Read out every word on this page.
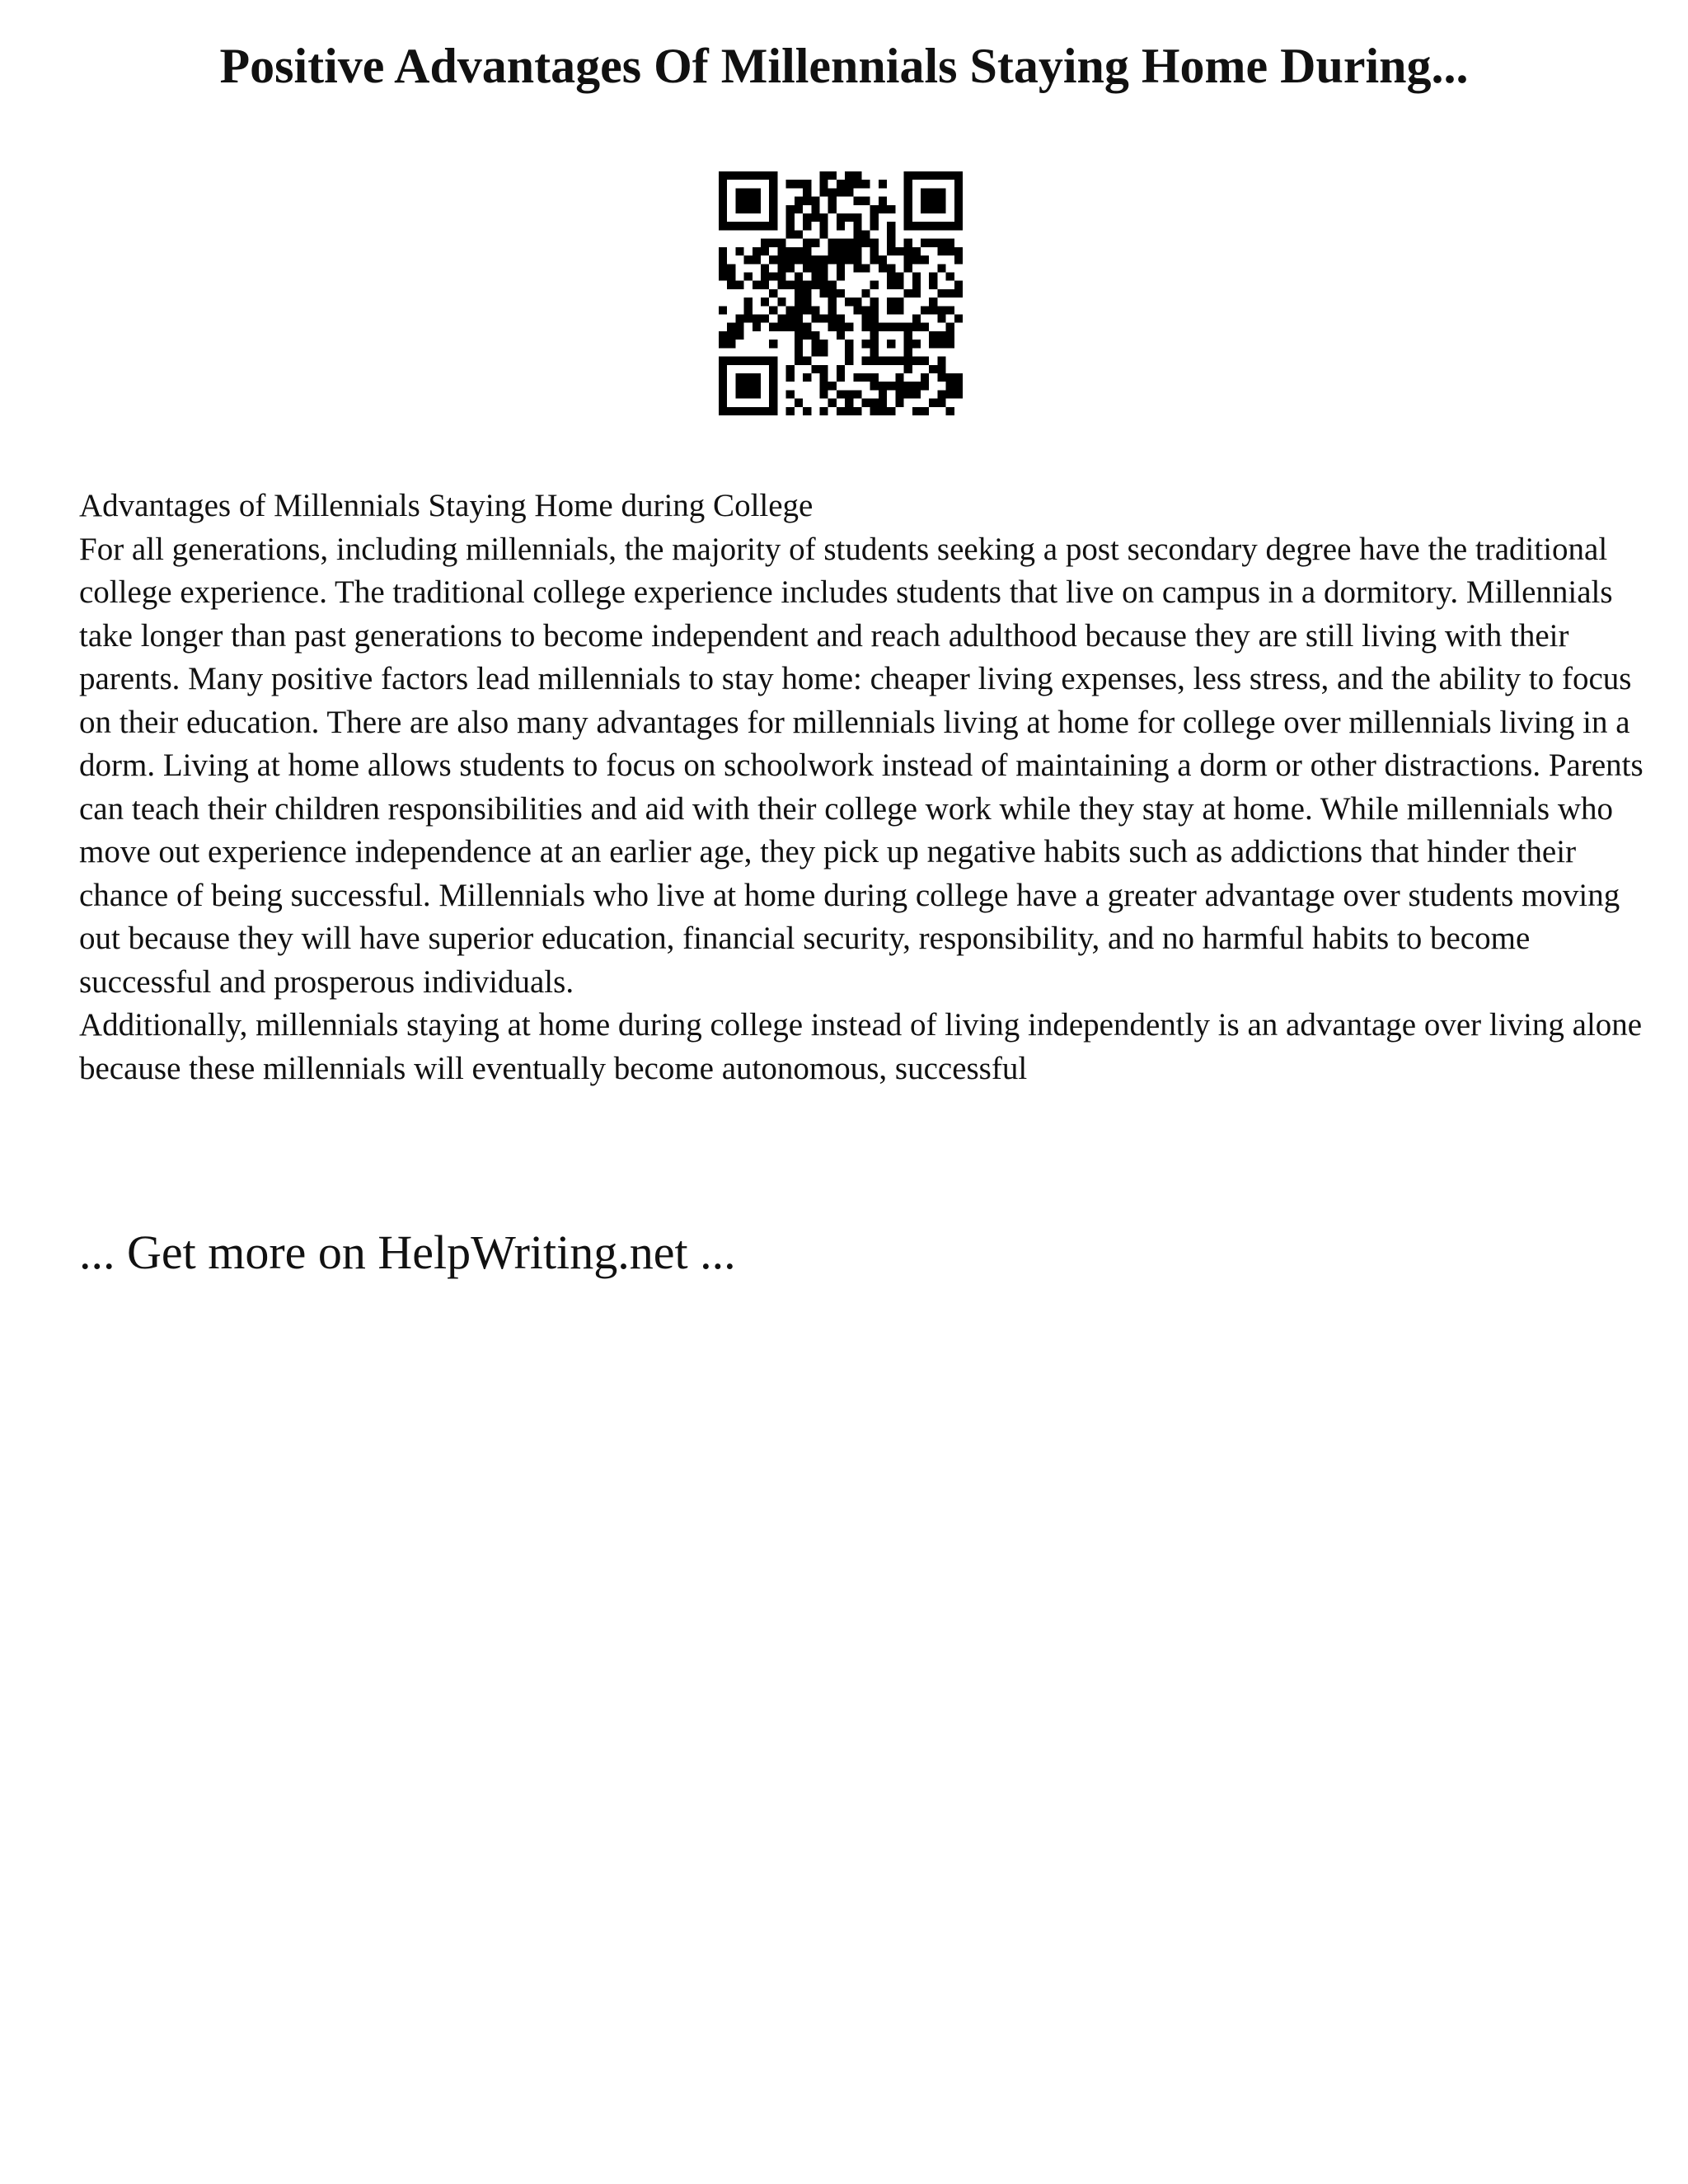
Positive Advantages Of Millennials Staying Home During...

Advantages of Millennials Staying Home during College

For all generations, including millennials, the majority of students seeking a post secondary degree have the traditional college experience. The traditional college experience includes students that live on campus in a dormitory. Millennials take longer than past generations to become independent and reach adulthood because they are still living with their parents. Many positive factors lead millennials to stay home: cheaper living expenses, less stress, and the ability to focus on their education. There are also many advantages for millennials living at home for college over millennials living in a dorm. Living at home allows students to focus on schoolwork instead of maintaining a dorm or other distractions. Parents can teach their children responsibilities and aid with their college work while they stay at home. While millennials who move out experience independence at an earlier age, they pick up negative habits such as addictions that hinder their chance of being successful. Millennials who live at home during college have a greater advantage over students moving out because they will have superior education, financial security, responsibility, and no harmful habits to become successful and prosperous individuals.

Additionally, millennials staying at home during college instead of living independently is an advantage over living alone because these millennials will eventually become autonomous, successful

... Get more on HelpWriting.net ...
